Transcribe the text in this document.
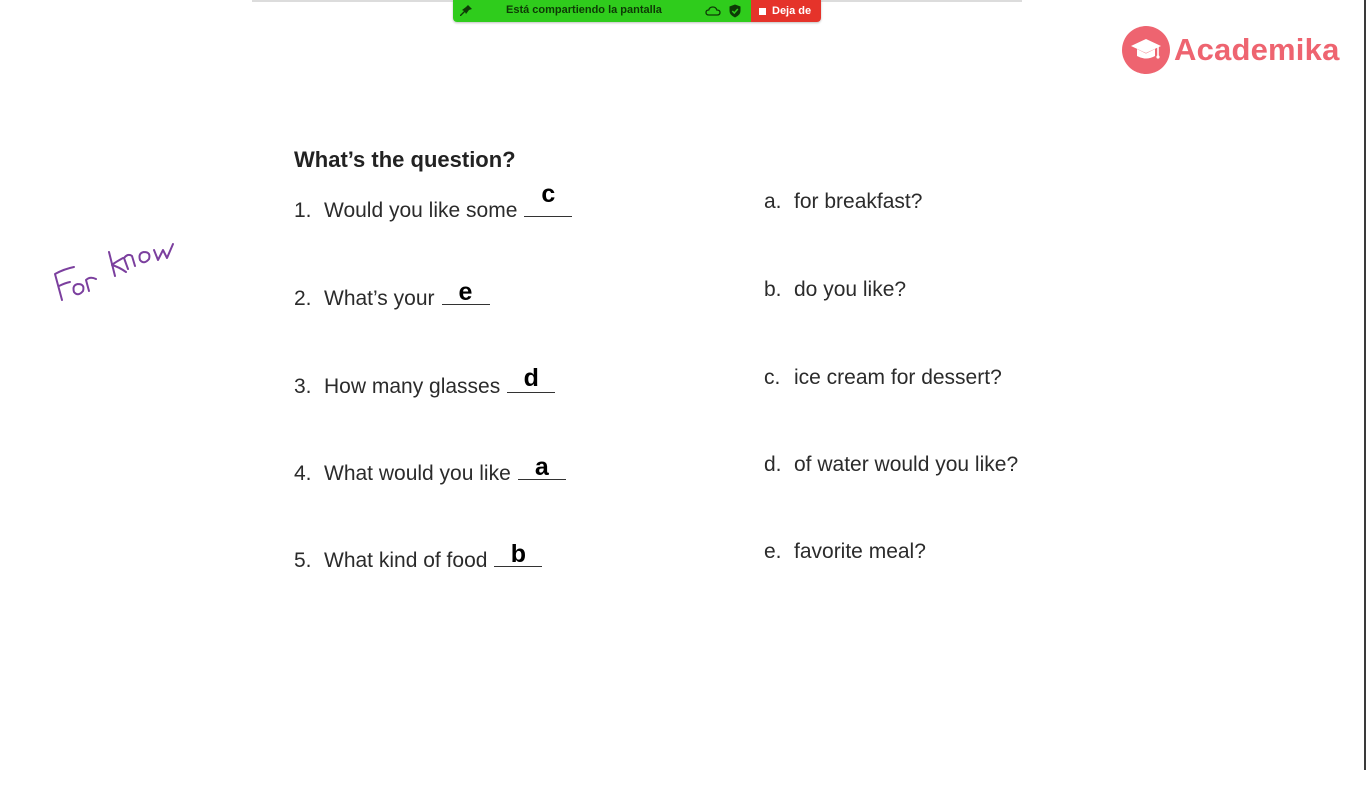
Está compartiendo la pantalla	Deja de
Academika
What’s the question?
1. Would you like some
c
2. What’s your e
3. How many glasses d
4. What would you like a
5. What kind of food b
a. for breakfast?
b. do you like?
c. ice cream for dessert?
d. of water would you like?
e. favorite meal?
